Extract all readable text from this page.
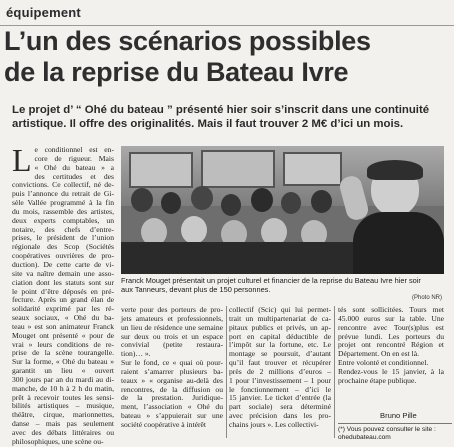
équipement
L’un des scénarios possibles
de la reprise du Bateau Ivre
Le projet d’ “ Ohé du bateau ” présenté hier soir s’inscrit dans une continuité
artistique. Il offre des originalités. Mais il faut trouver 2 M€ d’ici un mois.
L e conditionnel est en-
core de rigueur. Mais
« Ohé du bateau » a
des certitudes et des
convictions. Ce collectif, né de-
puis l’annonce du retrait de Gi-
sèle Vallée programmé à la fin
du mois, rassemble des artistes,
deux experts comptables, un
notaire, des chefs d’entre-
prises, le président de l’union
régionale des Scop (Sociétés
coopératives ouvrières de pro-
duction). De cette carte de vi-
site va naître demain une asso-
ciation dont les statuts sont sur
le point d’être déposés en pré-
fecture. Après un grand élan de
solidarité exprimé par les ré-
seaux sociaux, « Ohé du ba-
teau » est son animateur Franck
Mouget ont présenté « pour de
vrai » leurs conditions de re-
prise de la scène tourangelle.
Sur la forme, « Ohé du bateau »
garantit un lieu « ouvert
300 jours par an du mardi au di-
manche, de 10 h à 2 h du matin,
prêt à recevoir toutes les sensi-
bilités artistiques – musique,
théâtre, cirque, marionnettes,
danse – mais pas seulement
avec des débats littéraires ou
philosophiques, une scène ou-
Franck Mouget présentait un projet culturel et financier de la reprise du Bateau Ivre hier soir
aux Tanneurs, devant plus de 150 personnes.
(Photo NR)
verte pour des porteurs de pro-
jets amateurs et professionnels,
un lieu de résidence une semaine
sur deux ou trois et un espace
convivial (petite restaura-
tion)… ».
Sur le fond, ce « quai où pour-
raient s’amarrer plusieurs ba-
teaux » « organise au-delà des
rencontres, de la diffusion ou
de la prestation. Juridique-
ment, l’association « Ohé du
bateau » s’appuierait sur une
société coopérative à intérêt
collectif (Scic) qui lui permet-
trait un multipartenariat de ca-
pitaux publics et privés, un ap-
port en capital déductible de
l’impôt sur la fortune, etc. Le
montage se poursuit, d’autant
qu’il faut trouver et récupérer
près de 2 millions d’euros –
1 pour l’investissement – 1 pour
le fonctionnement – d’ici le
15 janvier. Le ticket d’entrée (la
part sociale) sera déterminé
avec précision dans les pro-
chains jours ». Les collectivi-
tés sont sollicitées. Tours met
45.000 euros sur la table. Une
rencontre avec Tour(s)plus est
prévue lundi. Les porteurs du
projet ont rencontré Région et
Département. On en est là.
Entre volonté et conditionnel.
Rendez-vous le 15 janvier, à la
prochaine étape publique.
Bruno Pille
(*) Vous pouvez consulter le site :
ohedubateau.com
